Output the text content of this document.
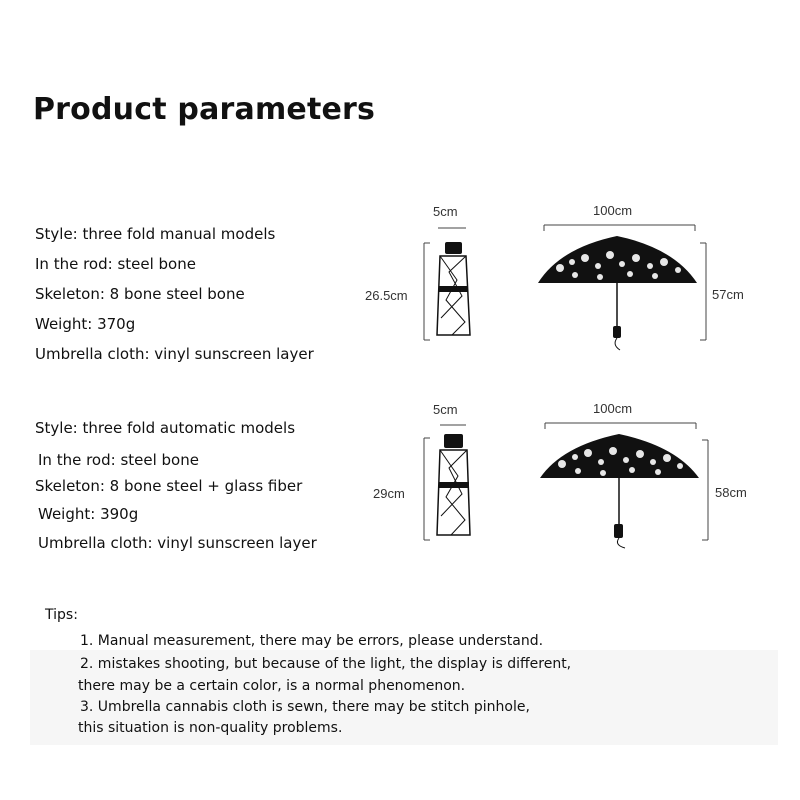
Product parameters
Style: three fold manual models
In the rod: steel bone
Skeleton: 8 bone steel bone
Weight: 370g
Umbrella cloth: vinyl sunscreen layer
Style: three fold automatic models
In the rod: steel bone
Skeleton: 8 bone steel + glass fiber
Weight: 390g
Umbrella cloth: vinyl sunscreen layer
5cm
26.5cm
100cm
57cm
5cm
29cm
100cm
58cm
Tips:
1. Manual measurement, there may be errors, please understand.
2. mistakes shooting, but because of the light, the display is different,
there may be a certain color, is a normal phenomenon.
3. Umbrella cannabis cloth is sewn, there may be stitch pinhole,
this situation is non-quality problems.
